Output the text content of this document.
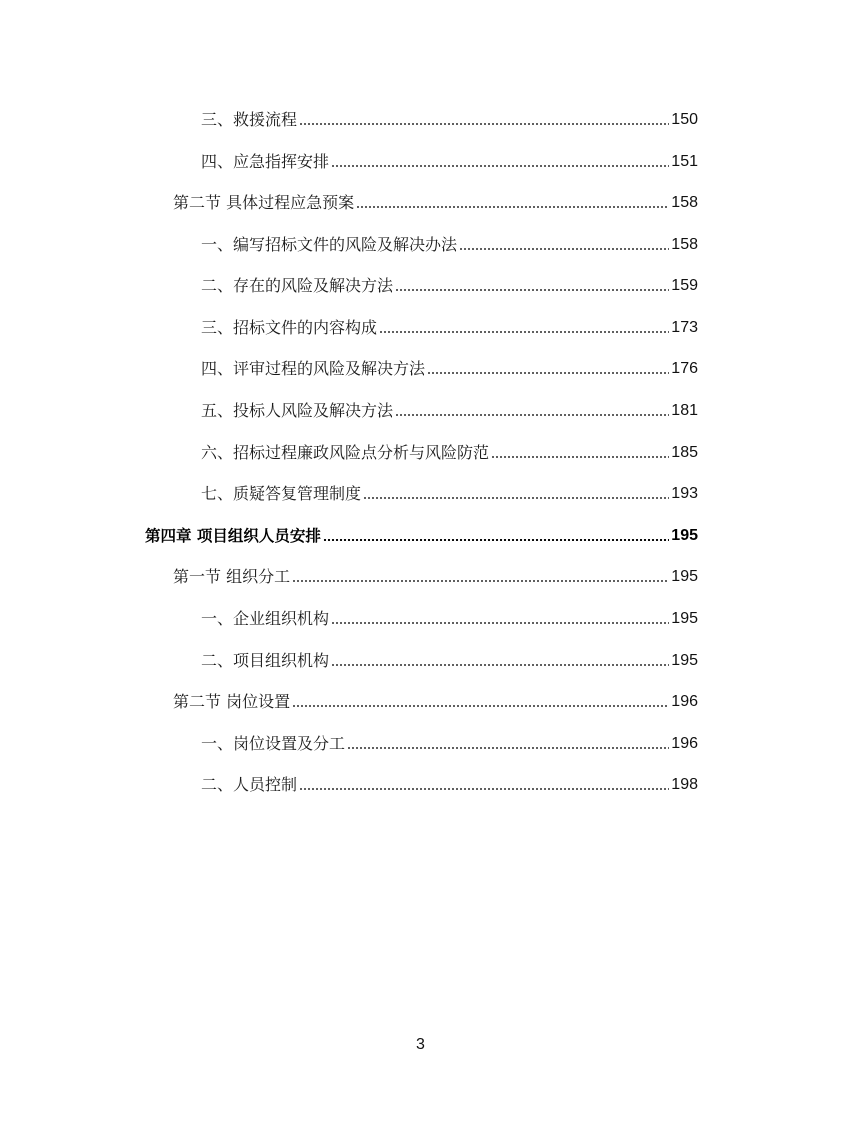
三、救援流程	150
四、应急指挥安排	151
第二节 具体过程应急预案	158
一、编写招标文件的风险及解决办法	158
二、存在的风险及解决方法	159
三、招标文件的内容构成	173
四、评审过程的风险及解决方法	176
五、投标人风险及解决方法	181
六、招标过程廉政风险点分析与风险防范	185
七、质疑答复管理制度	193
第四章 项目组织人员安排	195
第一节 组织分工	195
一、企业组织机构	195
二、项目组织机构	195
第二节 岗位设置	196
一、岗位设置及分工	196
二、人员控制	198
3
